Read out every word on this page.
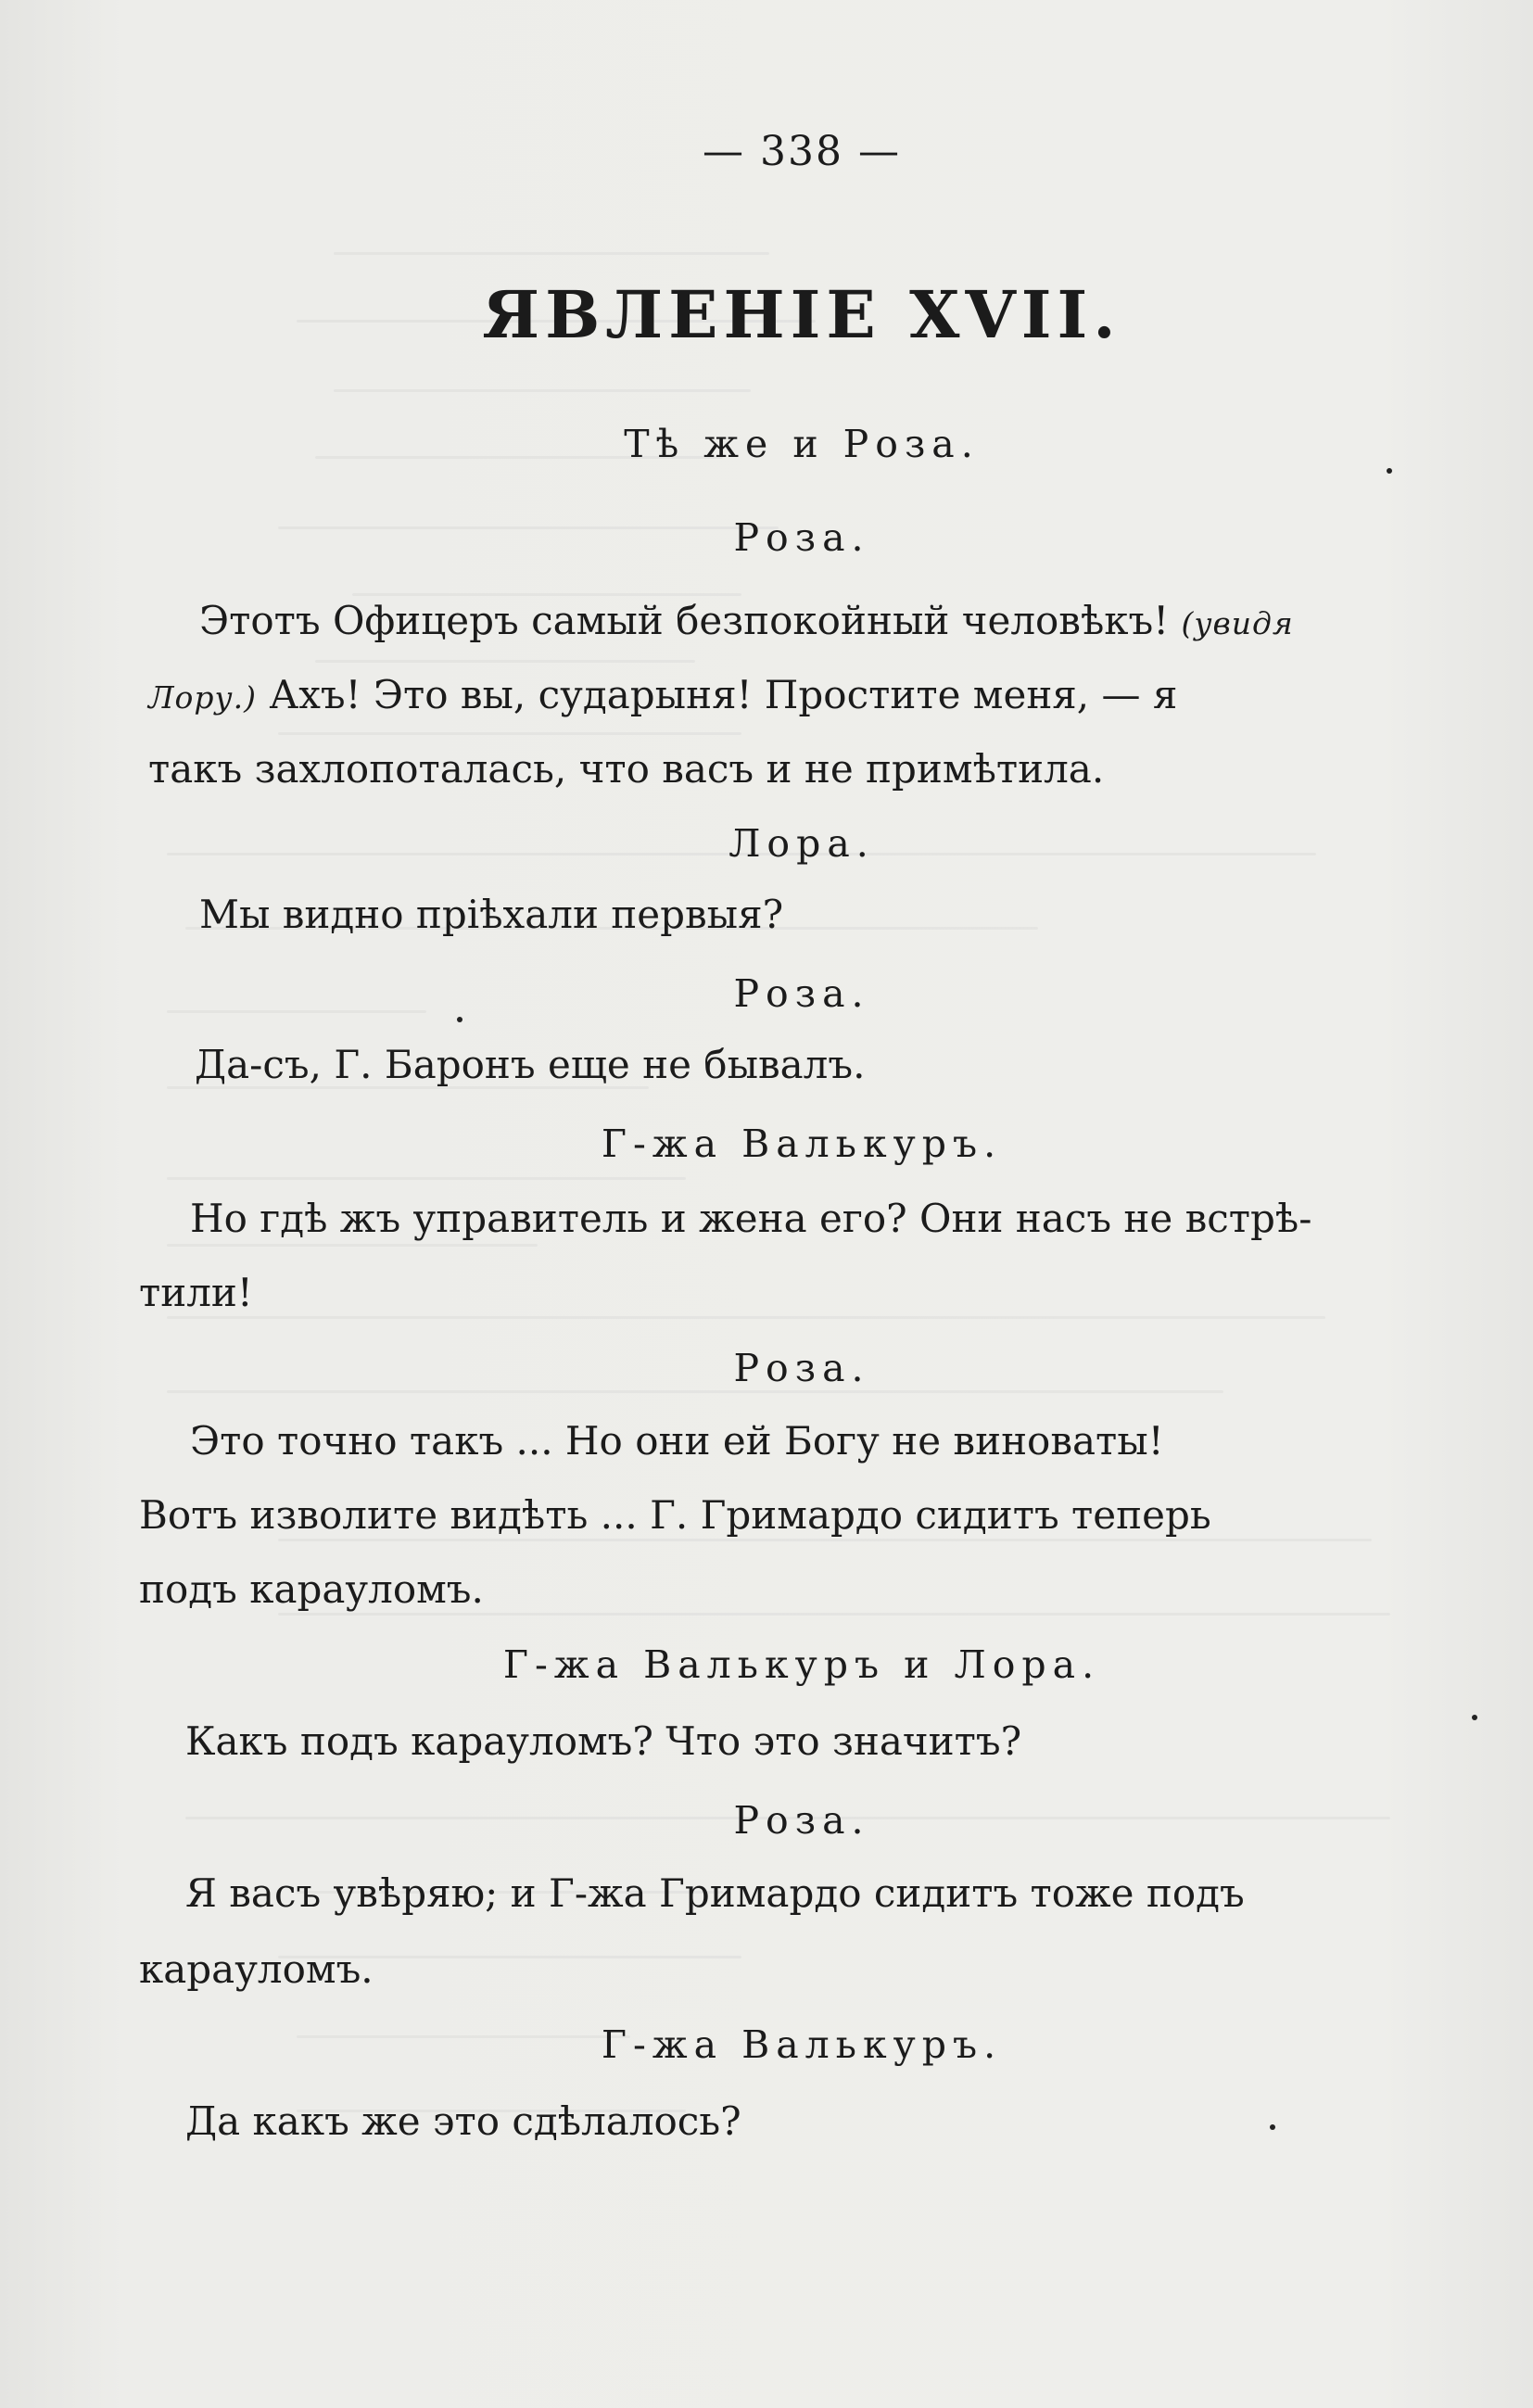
— 338 —
ЯВЛЕНІЕ XVII.
Тѣ же и Роза.
Роза.
Этотъ Офицеръ самый безпокойный человѣкъ! (увидя
Лору.) Ахъ! Это вы, сударыня! Простите меня, — я
такъ захлопоталась, что васъ и не примѣтила.
Лора.
Мы видно пріѣхали первыя?
Роза.
Да-съ, Г. Баронъ еще не бывалъ.
Г-жа Валькуръ.
Но гдѣ жъ управитель и жена его? Они насъ не встрѣ-
тили!
Роза.
Это точно такъ ... Но они ей Богу не виноваты!
Вотъ изволите видѣть ... Г. Гримардо сидитъ теперь
подъ карауломъ.
Г-жа Валькуръ и Лора.
Какъ подъ карауломъ? Что это значитъ?
Роза.
Я васъ увѣряю; и Г-жа Гримардо сидитъ тоже подъ
карауломъ.
Г-жа Валькуръ.
Да какъ же это сдѣлалось?
